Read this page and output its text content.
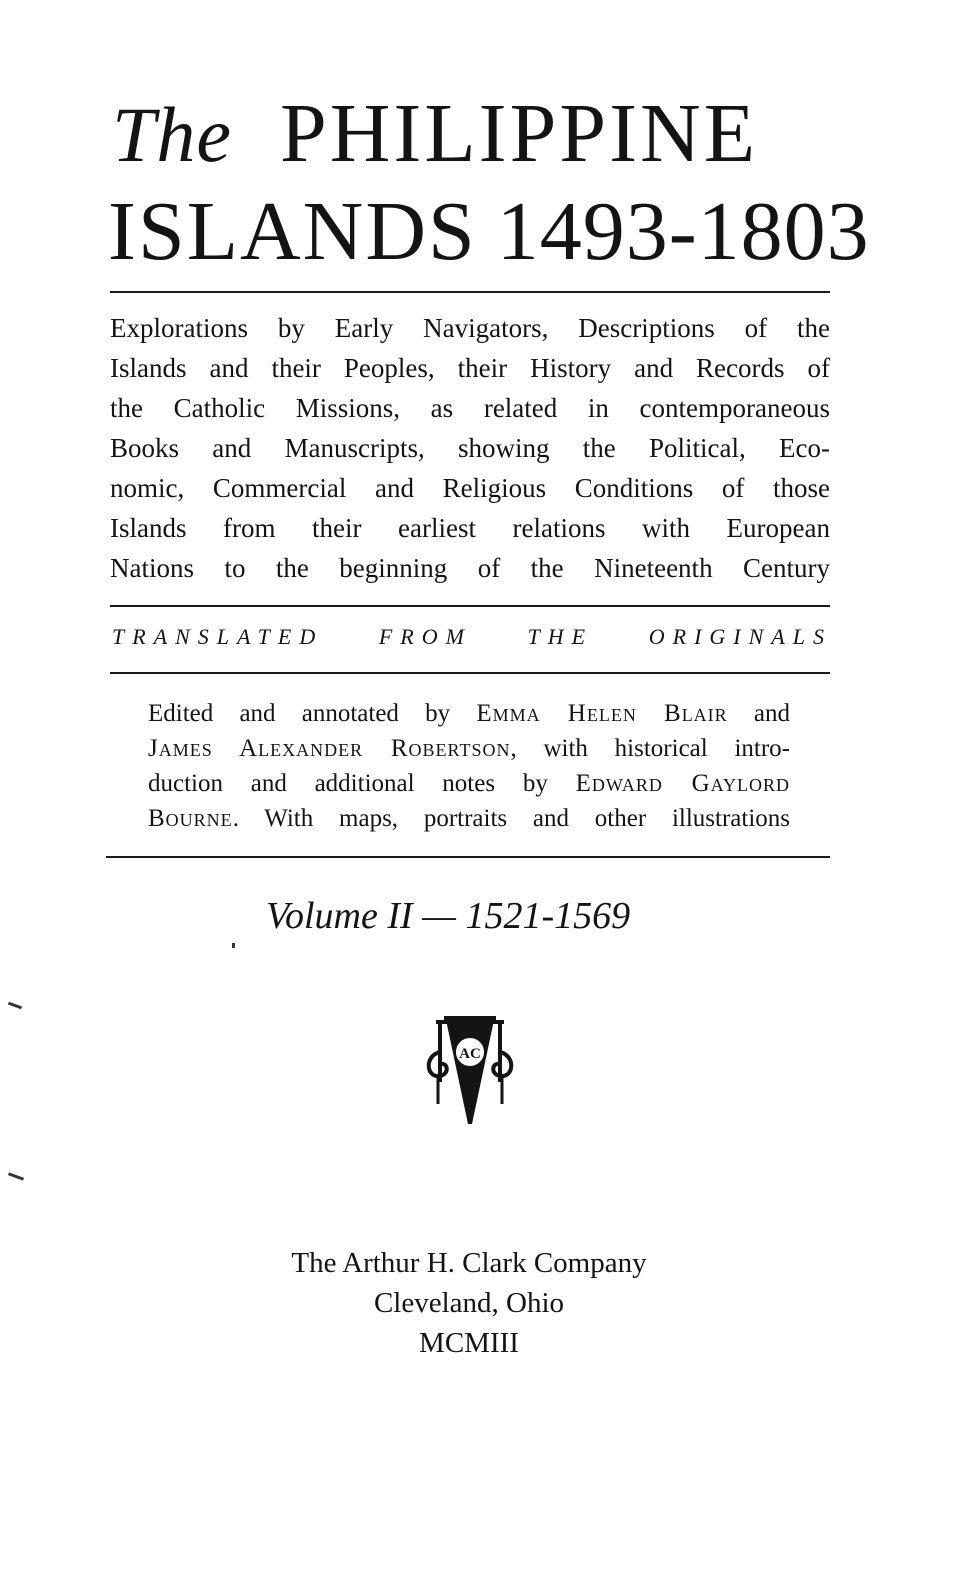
The PHILIPPINE
ISLANDS 1493-1803
Explorations by Early Navigators, Descriptions of the
Islands and their Peoples, their History and Records of
the Catholic Missions, as related in contemporaneous
Books and Manuscripts, showing the Political, Eco-
nomic, Commercial and Religious Conditions of those
Islands from their earliest relations with European
Nations to the beginning of the Nineteenth Century
TRANSLATED	FROM	THE	ORIGINALS
Edited and annotated by Emma Helen Blair and
James Alexander Robertson, with historical intro-
duction and additional notes by Edward Gaylord
Bourne. With maps, portraits and other illustrations
Volume II — 1521-1569
AC
The Arthur H. Clark Company
Cleveland, Ohio
MCMIII
